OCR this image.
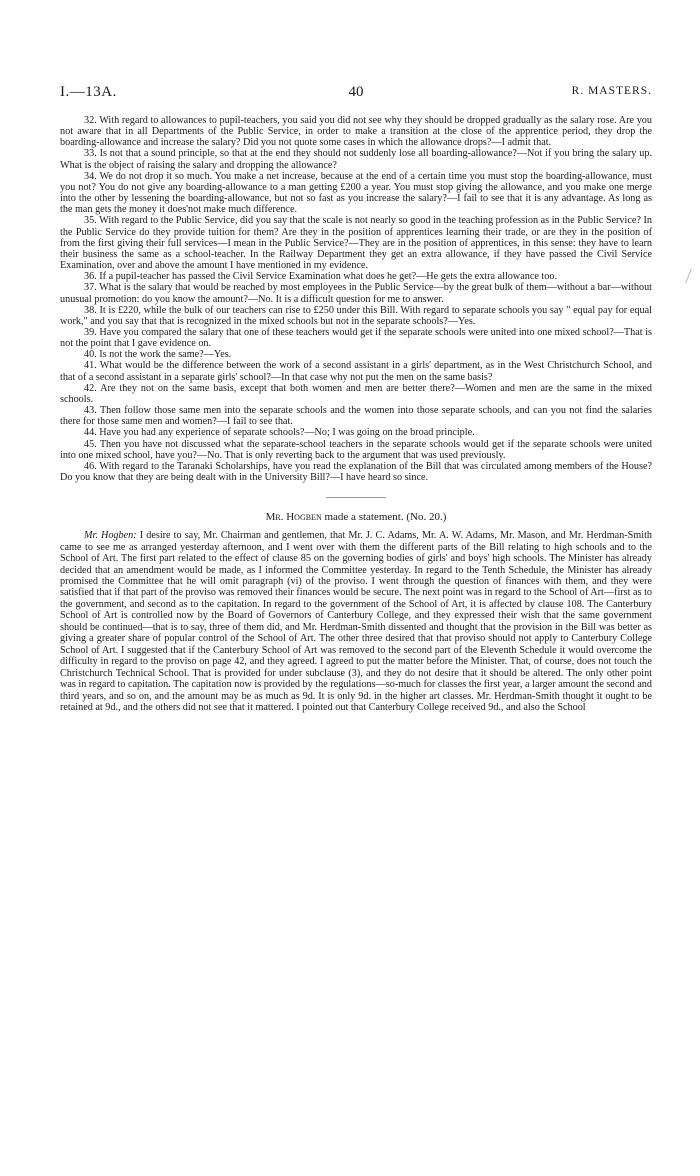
I.—13A.	40	R. MASTERS.

32. With regard to allowances to pupil-teachers, you said you did not see why they should be dropped gradually as the salary rose. Are you not aware that in all Departments of the Public Service, in order to make a transition at the close of the apprentice period, they drop the boarding-allowance and increase the salary? Did you not quote some cases in which the allowance drops?—I admit that.

33. Is not that a sound principle, so that at the end they should not suddenly lose all boarding-allowance?—Not if you bring the salary up. What is the object of raising the salary and dropping the allowance?

34. We do not drop it so much. You make a net increase, because at the end of a certain time you must stop the boarding-allowance, must you not? You do not give any boarding-allowance to a man getting £200 a year. You must stop giving the allowance, and you make one merge into the other by lessening the boarding-allowance, but not so fast as you increase the salary?—I fail to see that it is any advantage. As long as the man gets the money it does'not make much difference.

35. With regard to the Public Service, did you say that the scale is not nearly so good in the teaching profession as in the Public Service? In the Public Service do they provide tuition for them? Are they in the position of apprentices learning their trade, or are they in the position of from the first giving their full services—I mean in the Public Service?—They are in the position of apprentices, in this sense: they have to learn their business the same as a school-teacher. In the Railway Department they get an extra allowance, if they have passed the Civil Service Examination, over and above the amount I have mentioned in my evidence.

36. If a pupil-teacher has passed the Civil Service Examination what does he get?—He gets the extra allowance too.

37. What is the salary that would be reached by most employees in the Public Service—by the great bulk of them—without a bar—without unusual promotion: do you know the amount?—No. It is a difficult question for me to answer.

38. It is £220, while the bulk of our teachers can rise to £250 under this Bill. With regard to separate schools you say " equal pay for equal work," and you say that that is recognized in the mixed schools but not in the separate schools?—Yes.

39. Have you compared the salary that one of these teachers would get if the separate schools were united into one mixed school?—That is not the point that I gave evidence on.

40. Is not the work the same?—Yes.

41. What would be the difference between the work of a second assistant in a girls' department, as in the West Christchurch School, and that of a second assistant in a separate girls' school?—In that case why not put the men on the same basis?

42. Are they not on the same basis, except that both women and men are better there?—Women and men are the same in the mixed schools.

43. Then follow those same men into the separate schools and the women into those separate schools, and can you not find the salaries there for those same men and women?—I fail to see that.

44. Have you had any experience of separate schools?—No; I was going on the broad principle.

45. Then you have not discussed what the separate-school teachers in the separate schools would get if the separate schools were united into one mixed school, have you?—No. That is only reverting back to the argument that was used previously.

46. With regard to the Taranaki Scholarships, have you read the explanation of the Bill that was circulated among members of the House? Do you know that they are being dealt with in the University Bill?—I have heard so since.

Mr. Hogben made a statement. (No. 20.)

Mr. Hogben: I desire to say, Mr. Chairman and gentlemen, that Mr. J. C. Adams, Mr. A. W. Adams, Mr. Mason, and Mr. Herdman-Smith came to see me as arranged yesterday afternoon, and I went over with them the different parts of the Bill relating to high schools and to the School of Art. The first part related to the effect of clause 85 on the governing bodies of girls' and boys' high schools. The Minister has already decided that an amendment would be made, as I informed the Committee yesterday. In regard to the Tenth Schedule, the Minister has already promised the Committee that he will omit paragraph (vi) of the proviso. I went through the question of finances with them, and they were satisfied that if that part of the proviso was removed their finances would be secure. The next point was in regard to the School of Art—first as to the government, and second as to the capitation. In regard to the government of the School of Art, it is affected by clause 108. The Canterbury School of Art is controlled now by the Board of Governors of Canterbury College, and they expressed their wish that the same government should be continued—that is to say, three of them did, and Mr. Herdman-Smith dissented and thought that the provision in the Bill was better as giving a greater share of popular control of the School of Art. The other three desired that that proviso should not apply to Canterbury College School of Art. I suggested that if the Canterbury School of Art was removed to the second part of the Eleventh Schedule it would overcome the difficulty in regard to the proviso on page 42, and they agreed. I agreed to put the matter before the Minister. That, of course, does not touch the Christchurch Technical School. That is provided for under subclause (3), and they do not desire that it should be altered. The only other point was in regard to capitation. The capitation now is provided by the regulations—so-much for classes the first year, a larger amount the second and third years, and so on, and the amount may be as much as 9d. It is only 9d. in the higher art classes. Mr. Herdman-Smith thought it ought to be retained at 9d., and the others did not see that it mattered. I pointed out that Canterbury College received 9d., and also the School
